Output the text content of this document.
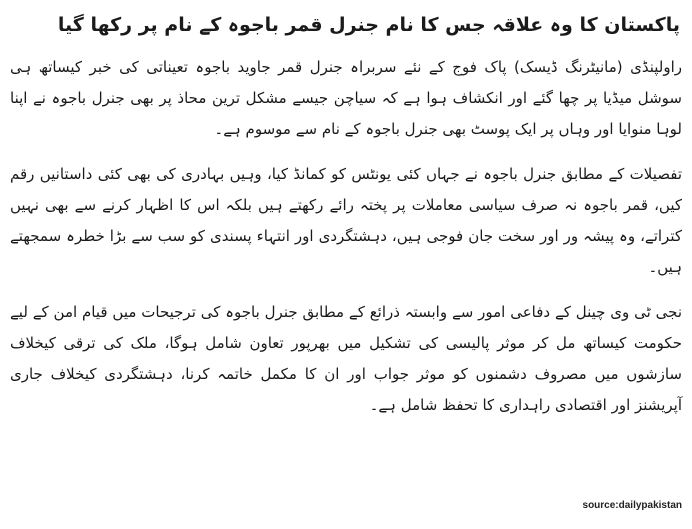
پاکستان کا وہ علاقہ جس کا نام جنرل قمر باجوہ کے نام پر رکھا گیا

راولپنڈی (مانیٹرنگ ڈیسک) پاک فوج کے نئے سربراہ جنرل قمر جاوید باجوہ تعیناتی کی خبر کیساتھ ہی سوشل میڈیا پر چھا گئے اور انکشاف ہوا ہے کہ سیاچن جیسے مشکل ترین محاذ پر بھی جنرل باجوہ نے اپنا لوہا منوایا اور وہاں پر ایک پوسٹ بھی جنرل باجوہ کے نام سے موسوم ہے۔

تفصیلات کے مطابق جنرل باجوہ نے جہاں کئی یونٹس کو کمانڈ کیا، وہیں بہادری کی بھی کئی داستانیں رقم کیں، قمر باجوہ نہ صرف سیاسی معاملات پر پختہ رائے رکھتے ہیں بلکہ اس کا اظہار کرنے سے بھی نہیں کتراتے، وہ پیشہ ور اور سخت جان فوجی ہیں، دہشتگردی اور انتہاء پسندی کو سب سے بڑا خطرہ سمجھتے ہیں۔

نجی ٹی وی چینل کے دفاعی امور سے وابستہ ذرائع کے مطابق جنرل باجوہ کی ترجیحات میں قیام امن کے لیے حکومت کیساتھ مل کر موثر پالیسی کی تشکیل میں بھرپور تعاون شامل ہوگا، ملک کی ترقی کیخلاف سازشوں میں مصروف دشمنوں کو موثر جواب اور ان کا مکمل خاتمہ کرنا، دہشتگردی کیخلاف جاری آپریشنز اور اقتصادی راہداری کا تحفظ شامل ہے۔

source:dailypakistan
